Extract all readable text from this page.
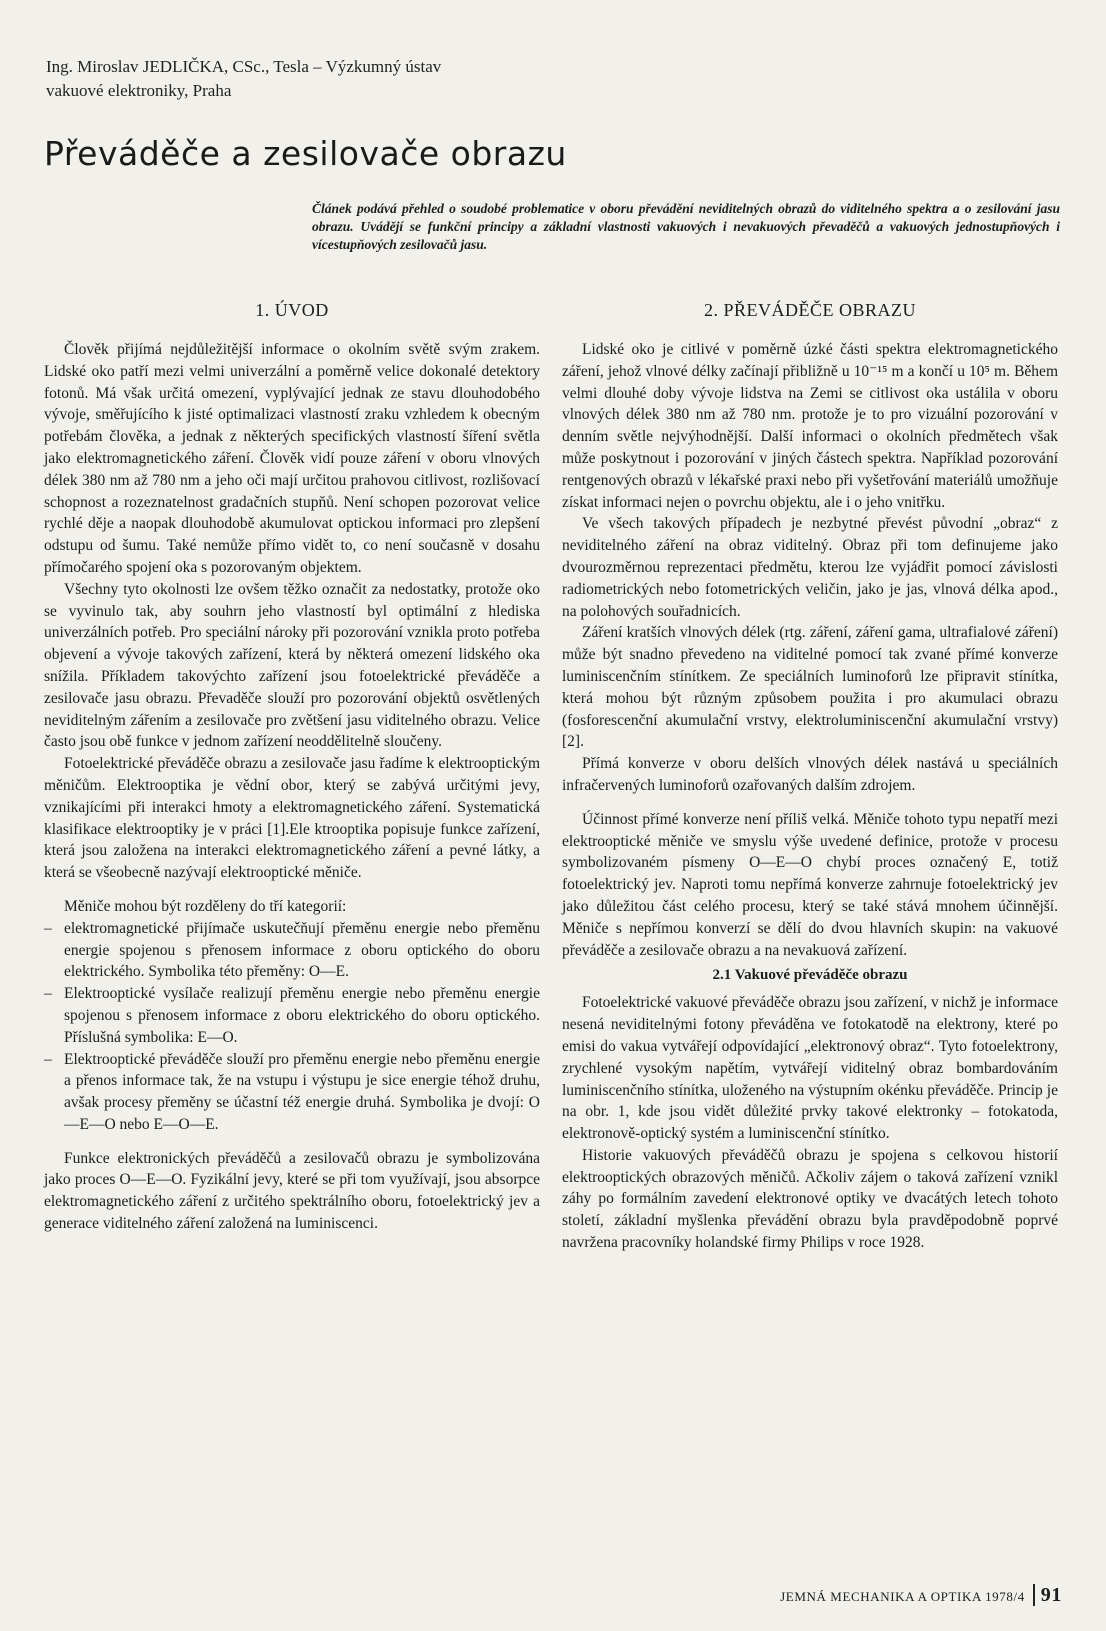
Ing. Miroslav JEDLIČKA, CSc., Tesla – Výzkumný ústav
vakuové elektroniky, Praha
Převáděče a zesilovače obrazu
Článek podává přehled o soudobé problematice v oboru převádění neviditelných obrazů do viditelného spektra a o zesilování jasu obrazu. Uvádějí se funkční principy a základní vlastnosti vakuových i nevakuových převaděčů a vakuových jednostupňových i vícestupňových zesilovačů jasu.
1. ÚVOD

Člověk přijímá nejdůležitější informace o okolním světě svým zrakem. Lidské oko patří mezi velmi univerzální a poměrně velice dokonalé detektory fotonů. Má však určitá omezení, vyplývající jednak ze stavu dlouhodobého vývoje, směřujícího k jisté optimalizaci vlastností zraku vzhledem k obecným potřebám člověka, a jednak z některých specifických vlastností šíření světla jako elektromagnetického záření. Člověk vidí pouze záření v oboru vlnových délek 380 nm až 780 nm a jeho oči mají určitou prahovou citlivost, rozlišovací schopnost a rozeznatelnost gradačních stupňů. Není schopen pozorovat velice rychlé děje a naopak dlouhodobě akumulovat optickou informaci pro zlepšení odstupu od šumu. Také nemůže přímo vidět to, co není současně v dosahu přímočarého spojení oka s pozorovaným objektem.

Všechny tyto okolnosti lze ovšem těžko označit za nedostatky, protože oko se vyvinulo tak, aby souhrn jeho vlastností byl optimální z hlediska univerzálních potřeb. Pro speciální nároky při pozorování vznikla proto potřeba objevení a vývoje takových zařízení, která by některá omezení lidského oka snížila. Příkladem takovýchto zařízení jsou fotoelektrické převáděče a zesilovače jasu obrazu. Převaděče slouží pro pozorování objektů osvětlených neviditelným zářením a zesilovače pro zvětšení jasu viditelného obrazu. Velice často jsou obě funkce v jednom zařízení neoddělitelně sloučeny.

Fotoelektrické převáděče obrazu a zesilovače jasu řadíme k elektrooptickým měničům. Elektrooptika je vědní obor, který se zabývá určitými jevy, vznikajícími při interakci hmoty a elektromagnetického záření. Systematická klasifikace elektrooptiky je v práci [1].Ele ktrooptika popisuje funkce zařízení, která jsou založena na interakci elektromagnetického záření a pevné látky, a která se všeobecně nazývají elektrooptické měniče.

Měniče mohou být rozděleny do tří kategorií:

– elektromagnetické přijímače uskutečňují přeměnu energie nebo přeměnu energie spojenou s přenosem informace z oboru optického do oboru elektrického. Symbolika této přeměny: O—E.
– Elektrooptické vysílače realizují přeměnu energie nebo přeměnu energie spojenou s přenosem informace z oboru elektrického do oboru optického. Příslušná symbolika: E—O.
– Elektrooptické převáděče slouží pro přeměnu energie nebo přeměnu energie a přenos informace tak, že na vstupu i výstupu je sice energie téhož druhu, avšak procesy přeměny se účastní též energie druhá. Symbolika je dvojí: O—E—O nebo E—O—E.

Funkce elektronických převáděčů a zesilovačů obrazu je symbolizována jako proces O—E—O. Fyzikální jevy, které se při tom využívají, jsou absorpce elektromagnetického záření z určitého spektrálního oboru, fotoelektrický jev a generace viditelného záření založená na luminiscenci.

2. PŘEVÁDĚČE OBRAZU

Lidské oko je citlivé v poměrně úzké části spektra elektromagnetického záření, jehož vlnové délky začínají přibližně u 10⁻¹⁵ m a končí u 10⁵ m. Během velmi dlouhé doby vývoje lidstva na Zemi se citlivost oka ustálila v oboru vlnových délek 380 nm až 780 nm. protože je to pro vizuální pozorování v denním světle nejvýhodnější. Další informaci o okolních předmětech však může poskytnout i pozorování v jiných částech spektra. Například pozorování rentgenových obrazů v lékařské praxi nebo při vyšetřování materiálů umožňuje získat informaci nejen o povrchu objektu, ale i o jeho vnitřku.

Ve všech takových případech je nezbytné převést původní „obraz“ z neviditelného záření na obraz viditelný. Obraz při tom definujeme jako dvourozměrnou reprezentaci předmětu, kterou lze vyjádřit pomocí závislosti radiometrických nebo fotometrických veličin, jako je jas, vlnová délka apod., na polohových souřadnicích.

Záření kratších vlnových délek (rtg. záření, záření gama, ultrafialové záření) může být snadno převedeno na viditelné pomocí tak zvané přímé konverze luminiscenčním stínítkem. Ze speciálních luminoforů lze připravit stínítka, která mohou být různým způsobem použita i pro akumulaci obrazu (fosforescenční akumulační vrstvy, elektroluminiscenční akumulační vrstvy) [2].

Přímá konverze v oboru delších vlnových délek nastává u speciálních infračervených luminoforů ozařovaných dalším zdrojem.

Účinnost přímé konverze není příliš velká. Měniče tohoto typu nepatří mezi elektrooptické měniče ve smyslu výše uvedené definice, protože v procesu symbolizovaném písmeny O—E—O chybí proces označený E, totiž fotoelektrický jev. Naproti tomu nepřímá konverze zahrnuje fotoelektrický jev jako důležitou část celého procesu, který se také stává mnohem účinnější. Měniče s nepřímou konverzí se dělí do dvou hlavních skupin: na vakuové převáděče a zesilovače obrazu a na nevakuová zařízení.

2.1 Vakuové převáděče obrazu

Fotoelektrické vakuové převáděče obrazu jsou zařízení, v nichž je informace nesená neviditelnými fotony převáděna ve fotokatodě na elektrony, které po emisi do vakua vytvářejí odpovídající „elektronový obraz“. Tyto fotoelektrony, zrychlené vysokým napětím, vytvářejí viditelný obraz bombardováním luminiscenčního stínítka, uloženého na výstupním okénku převáděče. Princip je na obr. 1, kde jsou vidět důležité prvky takové elektronky – fotokatoda, elektronově-optický systém a luminiscenční stínítko.

Historie vakuových převáděčů obrazu je spojena s celkovou historií elektrooptických obrazových měničů. Ačkoliv zájem o taková zařízení vznikl záhy po formálním zavedení elektronové optiky ve dvacátých letech tohoto století, základní myšlenka převádění obrazu byla pravděpodobně poprvé navržena pracovníky holandské firmy Philips v roce 1928.

JEMNÁ MECHANIKA A OPTIKA 1978/4 91
